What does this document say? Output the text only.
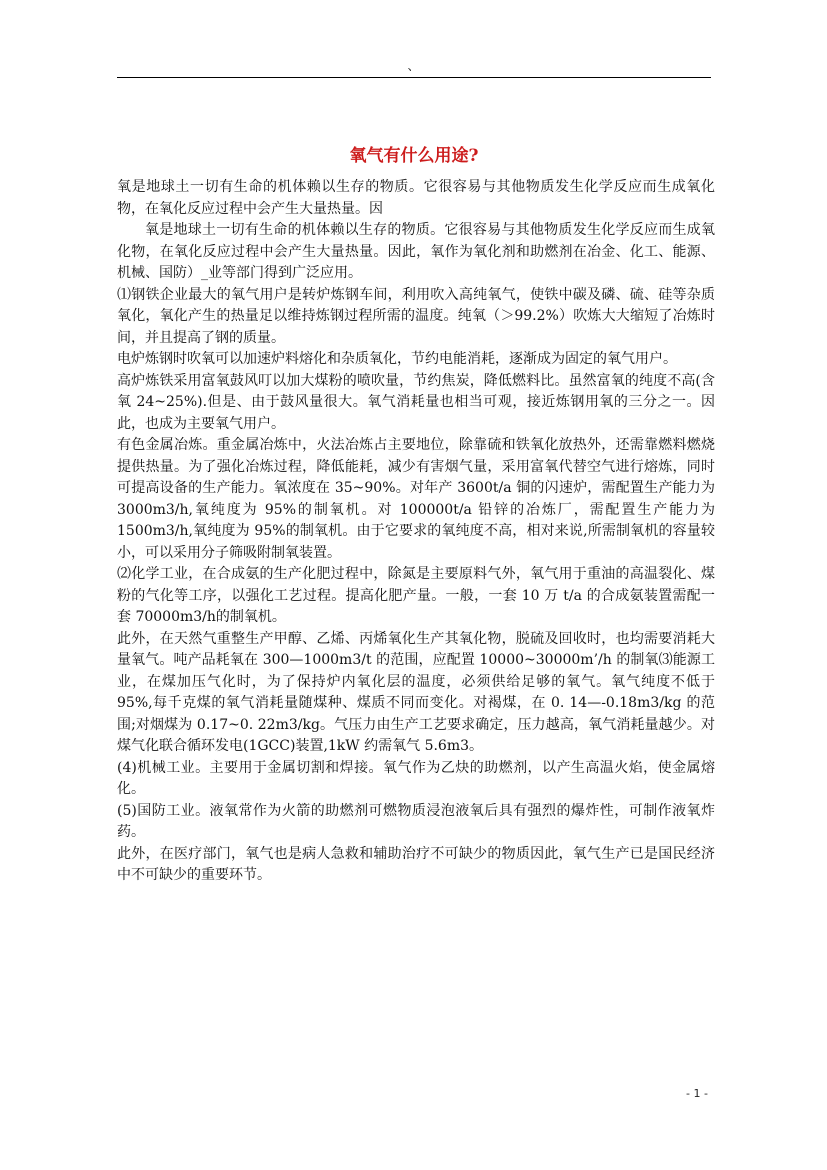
、
氧气有什么用途?

氧是地球土一切有生命的机体赖以生存的物质。它很容易与其他物质发生化学反应而生成氧化物，在氧化反应过程中会产生大量热量。因

氧是地球土一切有生命的机体赖以生存的物质。它很容易与其他物质发生化学反应而生成氧化物，在氧化反应过程中会产生大量热量。因此，氧作为氧化剂和助燃剂在冶金、化工、能源、机械、国防）_业等部门得到广泛应用。

⑴钢铁企业最大的氧气用户是转炉炼钢车间，利用吹入高纯氧气，使铁中碳及磷、硫、硅等杂质氧化，氧化产生的热量足以维持炼钢过程所需的温度。纯氧（＞99.2%）吹炼大大缩短了冶炼时间，并且提高了钢的质量。

电炉炼钢时吹氧可以加速炉料熔化和杂质氧化，节约电能消耗，逐渐成为固定的氧气用户。

高炉炼铁采用富氧鼓风叮以加大煤粉的喷吹量，节约焦炭，降低燃料比。虽然富氧的纯度不高(含氧 24~25%).但是、由于鼓风量很大。氧气消耗量也相当可观，接近炼钢用氧的三分之一。因此，也成为主要氧气用户。

有色金属冶炼。重金属冶炼中，火法冶炼占主要地位，除靠硫和铁氧化放热外，还需靠燃料燃烧提供热量。为了强化冶炼过程，降低能耗，减少有害烟气量，采用富氧代替空气进行熔炼，同时可提高设备的生产能力。氧浓度在 35~90%。对年产 3600t/a 铜的闪速炉，需配置生产能力为 3000m3/h,氧纯度为 95%的制氧机。对 100000t/a 铅锌的冶炼厂，需配置生产能力为1500m3/h,氧纯度为 95%的制氧机。由于它要求的氧纯度不高，相对来说,所需制氧机的容量较小，可以采用分子筛吸附制氧装置。

⑵化学工业，在合成氨的生产化肥过程中，除氮是主要原料气外，氧气用于重油的高温裂化、煤粉的气化等工序，以强化工艺过程。提高化肥产量。一般，一套 10 万 t/a 的合成氨装置需配一套 70000m3/h的制氧机。

此外，在天然气重整生产甲醇、乙烯、丙烯氧化生产其氧化物，脱硫及回收时，也均需要消耗大量氧气。吨产品耗氧在 300—1000m3/t 的范围，应配置 10000~30000m’/h 的制氧⑶能源工业，在煤加压气化时，为了保持炉内氧化层的温度，必须供给足够的氧气。氧气纯度不低于 95%,每千克煤的氧气消耗量随煤种、煤质不同而变化。对褐煤，在 0. 14—-0.18m3/kg 的范围;对烟煤为 0.17~0. 22m3/kg。气压力由生产工艺要求确定，压力越高，氧气消耗量越少。对煤气化联合循环发电(1GCC)装置,1kW 约需氧气 5.6m3。

(4)机械工业。主要用于金属切割和焊接。氧气作为乙炔的助燃剂，以产生高温火焰，使金属熔化。

(5)国防工业。液氧常作为火箭的助燃剂可燃物质浸泡液氧后具有强烈的爆炸性，可制作液氧炸药。

此外，在医疗部门，氧气也是病人急救和辅助治疗不可缺少的物质因此，氧气生产已是国民经济中不可缺少的重要环节。

- 1 -
